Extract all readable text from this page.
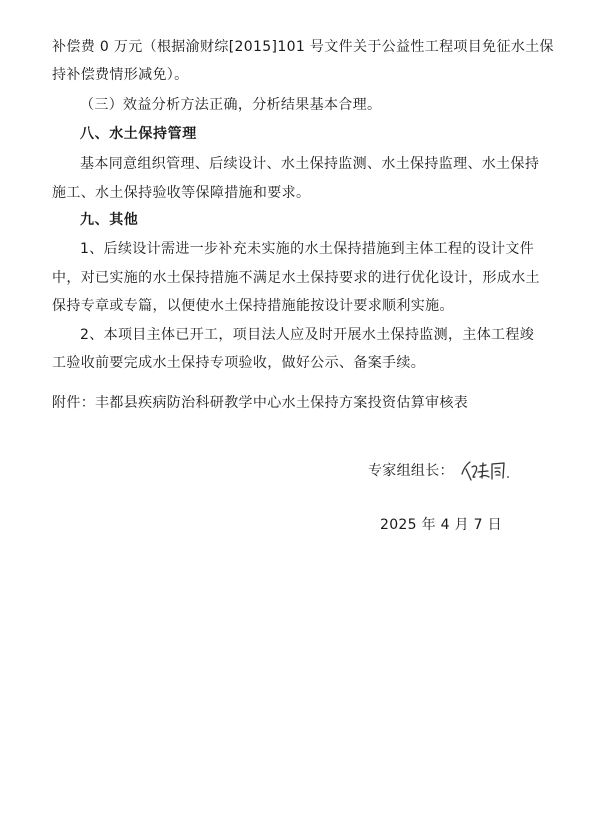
补偿费 0 万元（根据渝财综[2015]101 号文件关于公益性工程项目免征水土保
持补偿费情形减免）。
（三）效益分析方法正确，分析结果基本合理。
八、水土保持管理
基本同意组织管理、后续设计、水土保持监测、水土保持监理、水土保持
施工、水土保持验收等保障措施和要求。
九、其他
1、后续设计需进一步补充未实施的水土保持措施到主体工程的设计文件
中，对已实施的水土保持措施不满足水土保持要求的进行优化设计，形成水土
保持专章或专篇，以便使水土保持措施能按设计要求顺利实施。
2、本项目主体已开工，项目法人应及时开展水土保持监测，主体工程竣
工验收前要完成水土保持专项验收，做好公示、备案手续。
附件：丰都县疾病防治科研教学中心水土保持方案投资估算审核表
专家组组长：
2025 年 4 月 7 日
